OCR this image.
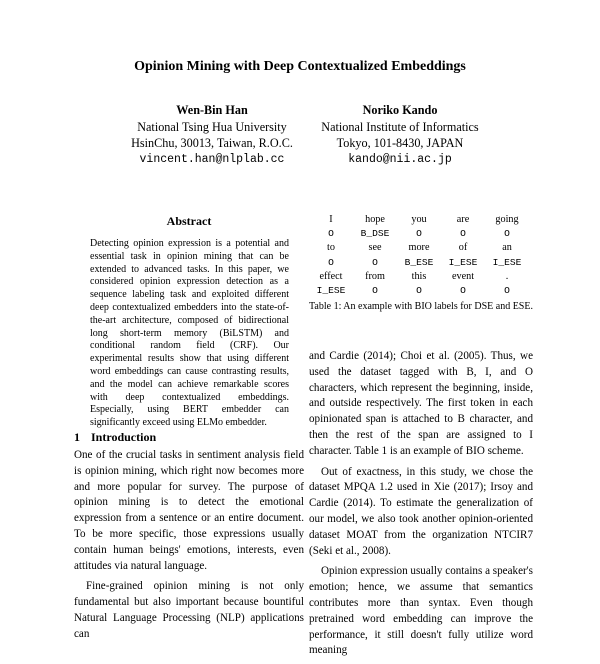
Opinion Mining with Deep Contextualized Embeddings
Wen-Bin Han
National Tsing Hua University
HsinChu, 30013, Taiwan, R.O.C.
vincent.han@nlplab.cc
Noriko Kando
National Institute of Informatics
Tokyo, 101-8430, JAPAN
kando@nii.ac.jp
Abstract
Detecting opinion expression is a potential and essential task in opinion mining that can be extended to advanced tasks. In this paper, we considered opinion expression detection as a sequence labeling task and exploited different deep contextualized embedders into the state-of-the-art architecture, composed of bidirectional long short-term memory (BiLSTM) and conditional random field (CRF). Our experimental results show that using different word embeddings can cause contrasting results, and the model can achieve remarkable scores with deep contextualized embeddings. Especially, using BERT embedder can significantly exceed using ELMo embedder.
1 Introduction

One of the crucial tasks in sentiment analysis field is opinion mining, which right now becomes more and more popular for survey. The purpose of opinion mining is to detect the emotional expression from a sentence or an entire document. To be more specific, those expressions usually contain human beings' emotions, interests, even attitudes via natural language.

Fine-grained opinion mining is not only fundamental but also important because bountiful Natural Language Processing (NLP) applications can

I	hope	you	are	going
O	B_DSE	O	O	O
to	see	more	of	an
O	O	B_ESE	I_ESE	I_ESE
effect	from	this	event	.
I_ESE	O	O	O	O
Table 1: An example with BIO labels for DSE and ESE.

and Cardie (2014); Choi et al. (2005). Thus, we used the dataset tagged with B, I, and O characters, which represent the beginning, inside, and outside respectively. The first token in each opinionated span is attached to B character, and then the rest of the span are assigned to I character. Table 1 is an example of BIO scheme.

Out of exactness, in this study, we chose the dataset MPQA 1.2 used in Xie (2017); Irsoy and Cardie (2014). To estimate the generalization of our model, we also took another opinion-oriented dataset MOAT from the organization NTCIR7 (Seki et al., 2008).

Opinion expression usually contains a speaker's emotion; hence, we assume that semantics contributes more than syntax. Even though pretrained word embedding can improve the performance, it still doesn't fully utilize word meaning
